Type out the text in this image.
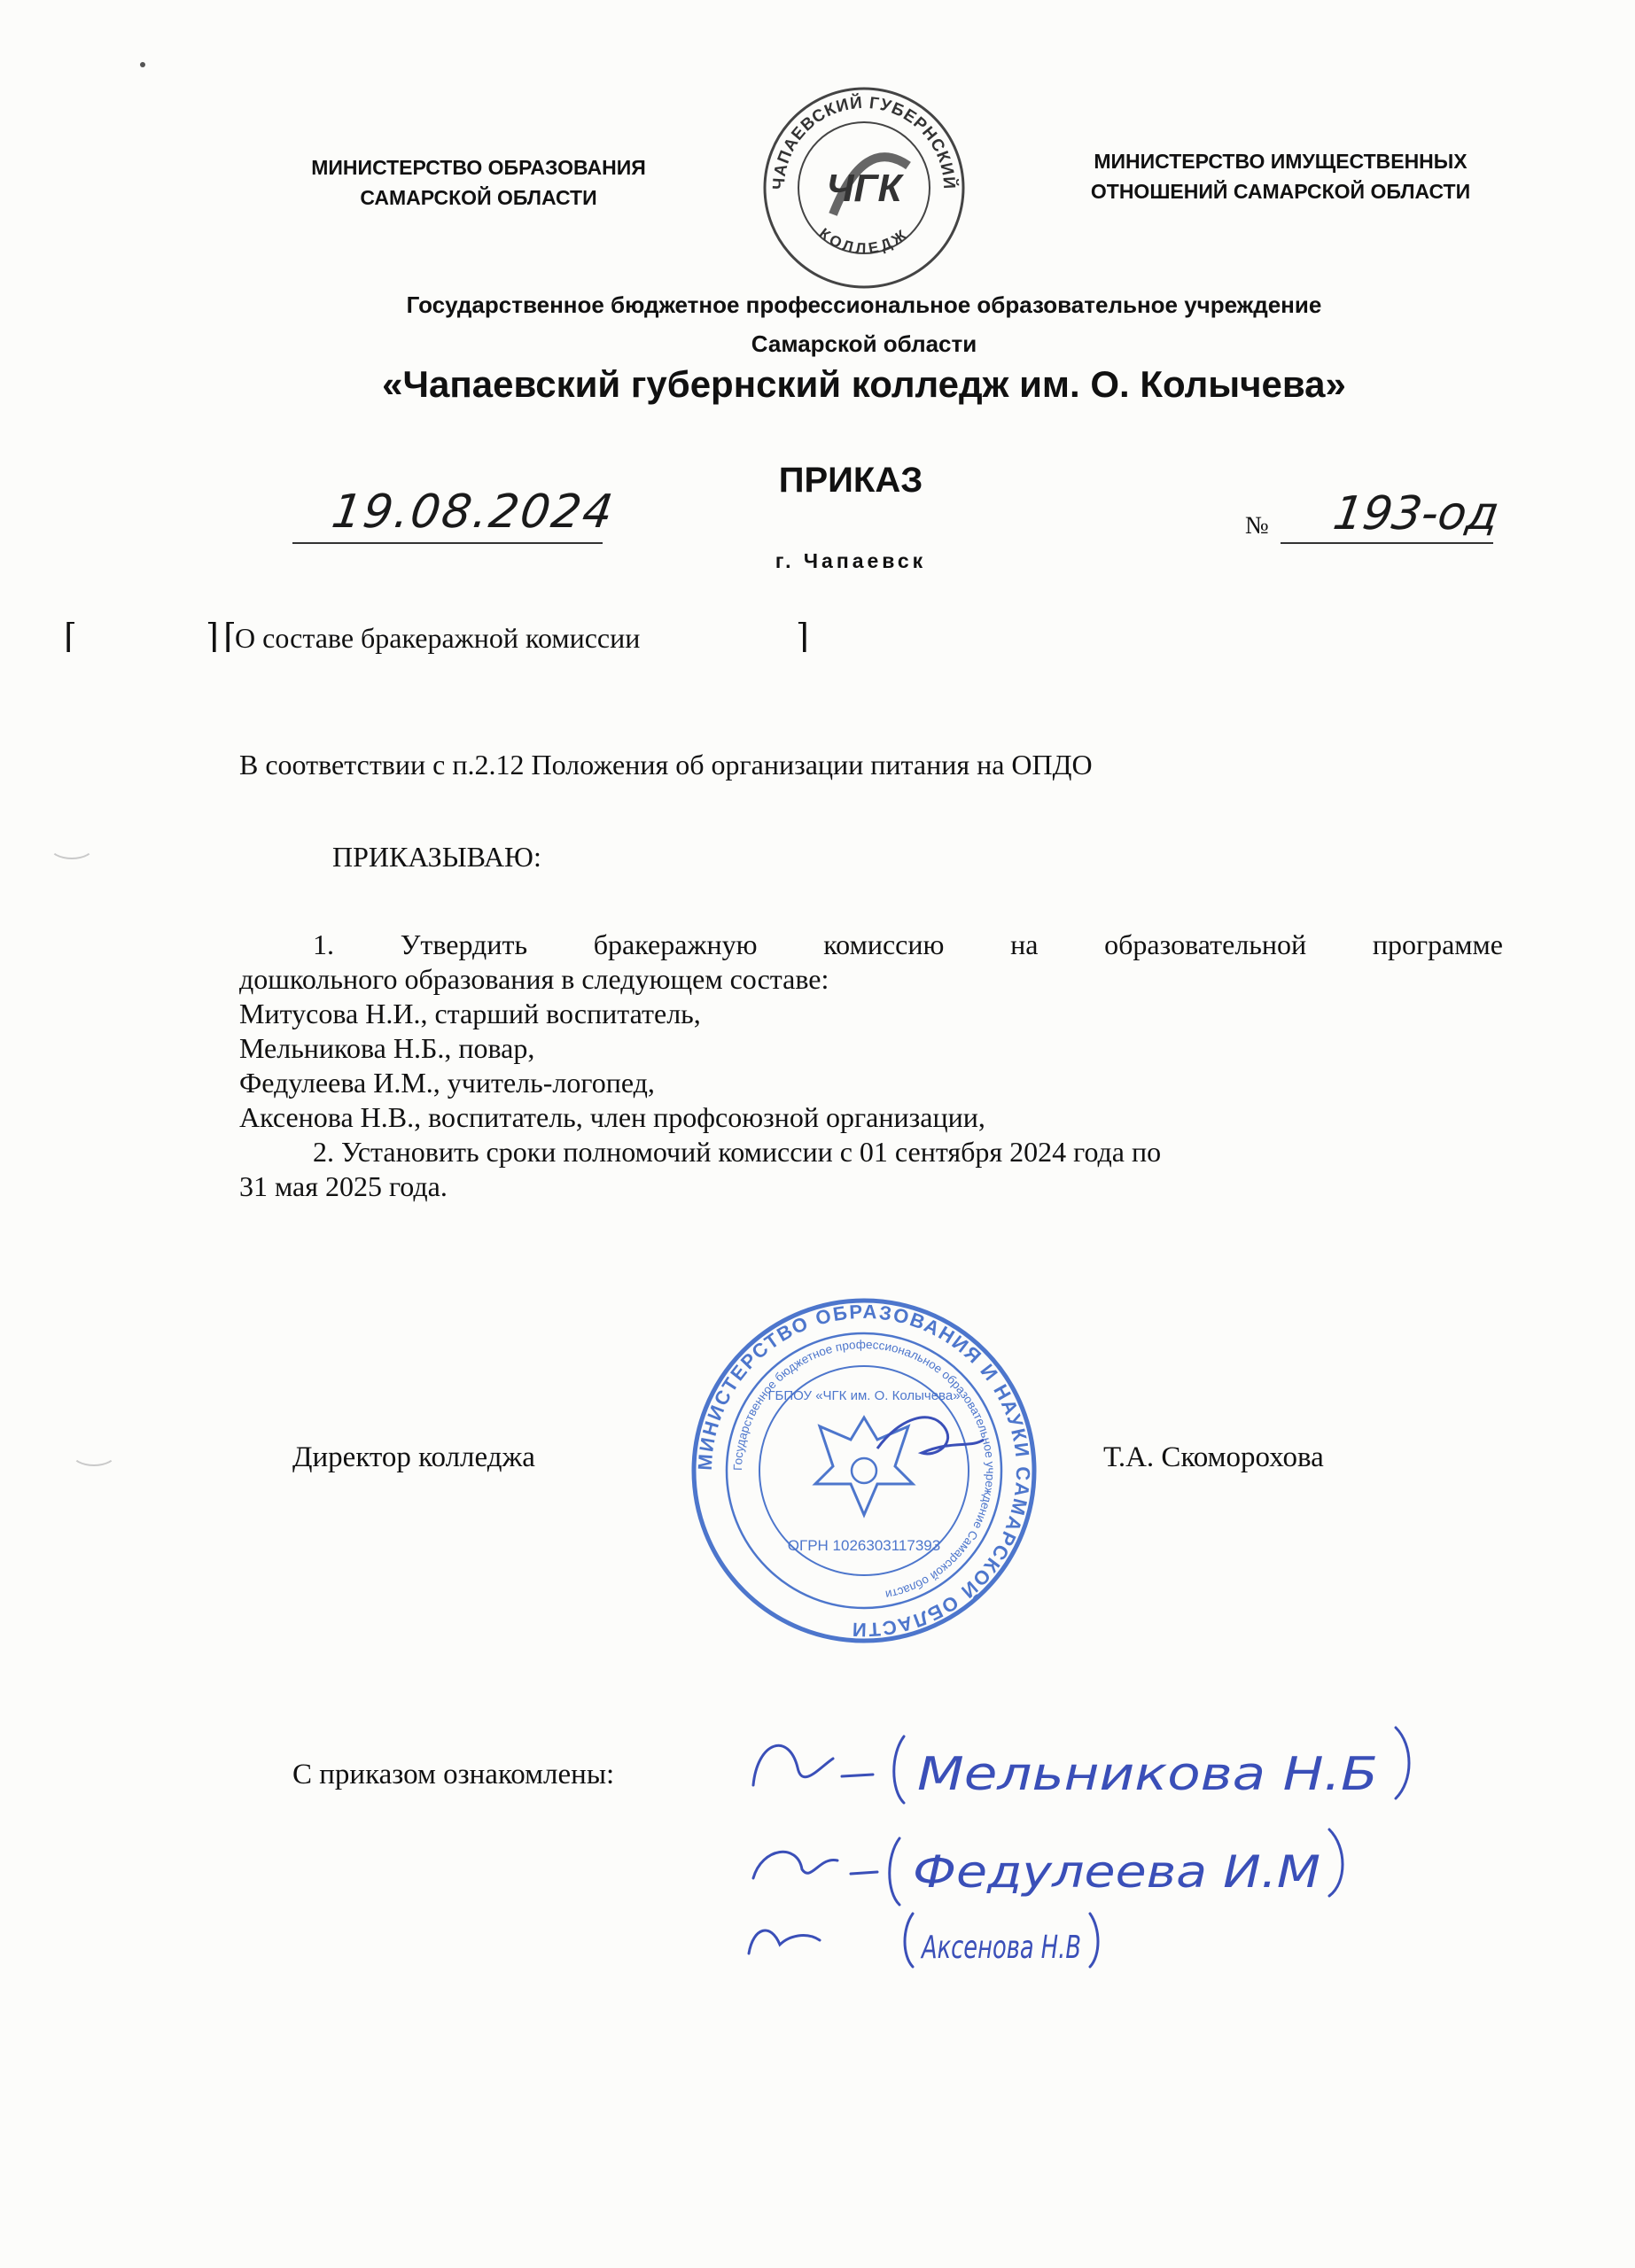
МИНИСТЕРСТВО ОБРАЗОВАНИЯ
САМАРСКОЙ ОБЛАСТИ
ЧАПАЕВСКИЙ ГУБЕРНСКИЙ
КОЛЛЕДЖ
ЧГК
МИНИСТЕРСТВО ИМУЩЕСТВЕННЫХ
ОТНОШЕНИЙ САМАРСКОЙ ОБЛАСТИ
Государственное бюджетное профессиональное образовательное учреждение
Самарской области
«Чапаевский губернский колледж им. О. Колычева»
ПРИКАЗ
19.08.2024	№ 193-од
г. Чапаевск
⌈	⌉ ⌈
О составе бракеражной комиссии	⌉
В соответствии с п.2.12 Положения об организации питания на ОПДО
ПРИКАЗЫВАЮ:

1. Утвердить бракеражную комиссию на образовательной программе

дошкольного образования в следующем составе:

Митусова Н.И., старший воспитатель,

Мельникова Н.Б., повар,

Федулеева И.М., учитель-логопед,

Аксенова Н.В., воспитатель, член профсоюзной организации,

2. Установить сроки полномочий комиссии с 01 сентября 2024 года по

31 мая 2025 года.

Директор колледжа	МИНИСТЕРСТВО ОБРАЗОВАНИЯ И НАУКИ САМАРСКОЙ ОБЛАСТИ
Государственное бюджетное профессиональное образовательное учреждение Самарской области
ГБПОУ «ЧГК им. О. Колычева»
ОГРН 1026303117393
Т.А. Скоморохова
С приказом ознакомлены:	Мельникова Н.Б
Федулеева И.М
Аксенова Н.В
